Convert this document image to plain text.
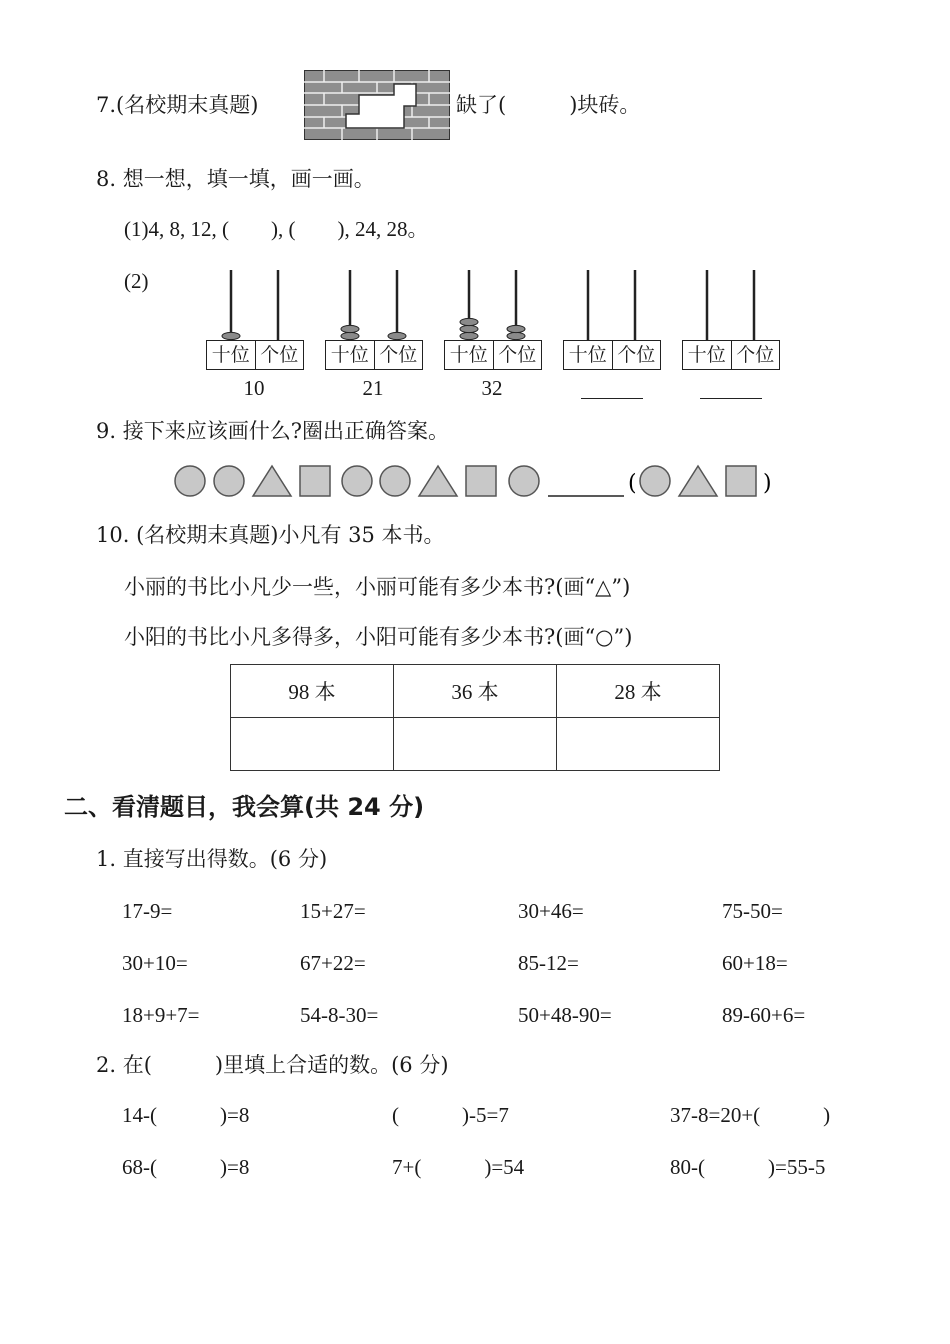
7.(名校期末真题)	缺了(　　　)块砖。
8. 想一想，填一填，画一画。
(1)4, 8, 12, (　　), (　　), 24, 28。
(2)
十位 个位
10
十位 个位
21
十位 个位
32
十位 个位 十位 个位
9. 接下来应该画什么?圈出正确答案。
(	)
10. (名校期末真题)小凡有 35 本书。
小丽的书比小凡少一些，小丽可能有多少本书?(画“△”)
小阳的书比小凡多得多，小阳可能有多少本书?(画“○”)
98 本	36 本	28 本

二、看清题目，我会算(共 24 分)
1. 直接写出得数。(6 分)
17-9=	15+27=	30+46=	75-50=
30+10=	67+22=	85-12=	60+18=
18+9+7=	54-8-30=	50+48-90=	89-60+6=
2. 在(　　　)里填上合适的数。(6 分)
14-(　　　)=8	(　　　)-5=7	37-8=20+(　　　)
68-(　　　)=8	7+(　　　)=54	80-(　　　)=55-5
